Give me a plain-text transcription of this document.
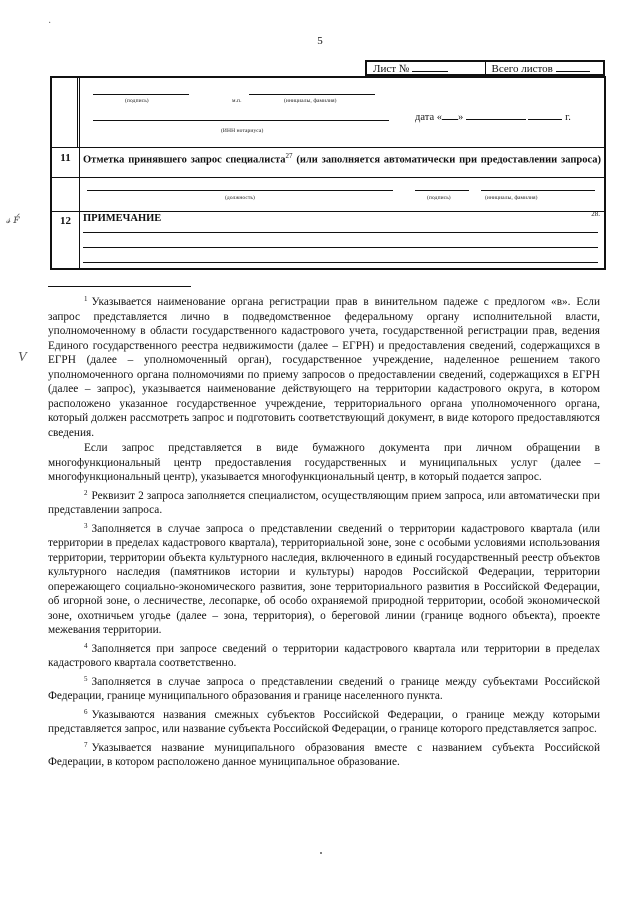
·
5
Лист №	Всего листов
(подпись)	м.п.	(инициалы, фамилия)
дата « »	г.
(ИНН нотариуса)
11	Отметка принявшего запрос специалиста$^{27}$ (или заполняется автоматически при предоставлении запроса)
(должность)	(подпись)	(инициалы, фамилия)
12	ПРИМЕЧАНИЕ	28.
𝓈 ꜰ́
V

$^1$ Указывается наименование органа регистрации прав в винительном падеже с предлогом «в». Если запрос представляется лично в подведомственное федеральному органу исполнительной власти, уполномоченному в области государственного кадастрового учета, государственной регистрации прав, ведения Единого государственного реестра недвижимости (далее – ЕГРН) и предоставления сведений, содержащихся в ЕГРН (далее – уполномоченный орган), государственное учреждение, наделенное решением такого уполномоченного органа полномочиями по приему запросов о предоставлении сведений, содержащихся в ЕГРН (далее – запрос), указывается наименование действующего на территории кадастрового округа, в котором расположено указанное государственное учреждение, территориального органа уполномоченного органа, который должен рассмотреть запрос и подготовить соответствующий документ, в виде которого предоставляются сведения.

Если запрос представляется в виде бумажного документа при личном обращении в многофункциональный центр предоставления государственных и муниципальных услуг (далее – многофункциональный центр), указывается многофункциональный центр, в который подается запрос.

$^2$ Реквизит 2 запроса заполняется специалистом, осуществляющим прием запроса, или автоматически при представлении запроса.

$^3$ Заполняется в случае запроса о представлении сведений о территории кадастрового квартала (или территории в пределах кадастрового квартала), территориальной зоне, зоне с особыми условиями использования территории, территории объекта культурного наследия, включенного в единый государственный реестр объектов культурного наследия (памятников истории и культуры) народов Российской Федерации, территории опережающего социально-экономического развития, зоне территориального развития в Российской Федерации, об игорной зоне, о лесничестве, лесопарке, об особо охраняемой природной территории, особой экономической зоне, охотничьем угодье (далее – зона, территория), о береговой линии (границе водного объекта), проекте межевания территории.

$^4$ Заполняется при запросе сведений о территории кадастрового квартала или территории в пределах кадастрового квартала соответственно.

$^5$ Заполняется в случае запроса о представлении сведений о границе между субъектами Российской Федерации, границе муниципального образования и границе населенного пункта.

$^6$ Указываются названия смежных субъектов Российской Федерации, о границе между которыми представляется запрос, или название субъекта Российской Федерации, о границе которого представляется запрос.

$^7$ Указывается название муниципального образования вместе с названием субъекта Российской Федерации, в котором расположено данное муниципальное образование.
